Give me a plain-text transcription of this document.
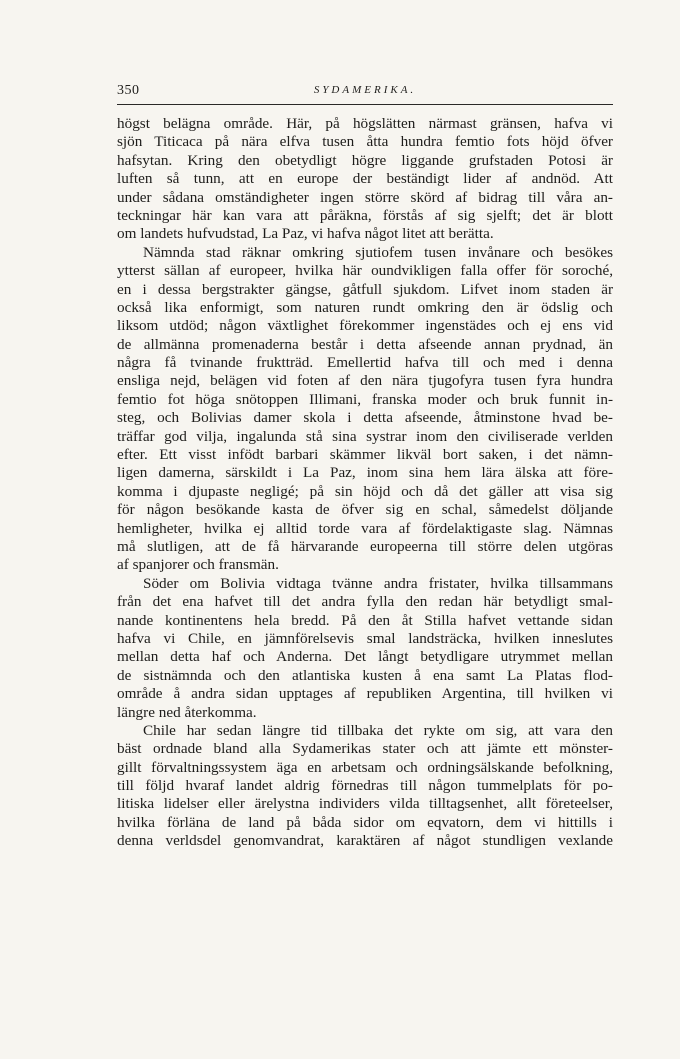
350	SYDAMERIKA.
högst belägna område. Här, på högslätten närmast gränsen, hafva vi
sjön Titicaca på nära elfva tusen åtta hundra femtio fots höjd öfver
hafsytan. Kring den obetydligt högre liggande grufstaden Potosi är
luften så tunn, att en europe der beständigt lider af andnöd. Att
under sådana omständigheter ingen större skörd af bidrag till våra an-
teckningar här kan vara att påräkna, förstås af sig sjelft; det är blott
om landets hufvudstad, La Paz, vi hafva något litet att berätta.
Nämnda stad räknar omkring sjutiofem tusen invånare och besökes
ytterst sällan af europeer, hvilka här oundvikligen falla offer för soroché,
en i dessa bergstrakter gängse, gåtfull sjukdom. Lifvet inom staden är
också lika enformigt, som naturen rundt omkring den är ödslig och
liksom utdöd; någon växtlighet förekommer ingenstädes och ej ens vid
de allmänna promenaderna består i detta afseende annan prydnad, än
några få tvinande fruktträd. Emellertid hafva till och med i denna
ensliga nejd, belägen vid foten af den nära tjugofyra tusen fyra hundra
femtio fot höga snötoppen Illimani, franska moder och bruk funnit in-
steg, och Bolivias damer skola i detta afseende, åtminstone hvad be-
träffar god vilja, ingalunda stå sina systrar inom den civiliserade verlden
efter. Ett visst infödt barbari skämmer likväl bort saken, i det nämn-
ligen damerna, särskildt i La Paz, inom sina hem lära älska att före-
komma i djupaste negligé; på sin höjd och då det gäller att visa sig
för någon besökande kasta de öfver sig en schal, såmedelst döljande
hemligheter, hvilka ej alltid torde vara af fördelaktigaste slag. Nämnas
må slutligen, att de få härvarande europeerna till större delen utgöras
af spanjorer och fransmän.
Söder om Bolivia vidtaga tvänne andra fristater, hvilka tillsammans
från det ena hafvet till det andra fylla den redan här betydligt smal-
nande kontinentens hela bredd. På den åt Stilla hafvet vettande sidan
hafva vi Chile, en jämnförelsevis smal landsträcka, hvilken inneslutes
mellan detta haf och Anderna. Det långt betydligare utrymmet mellan
de sistnämnda och den atlantiska kusten å ena samt La Platas flod-
område å andra sidan upptages af republiken Argentina, till hvilken vi
längre ned återkomma.
Chile har sedan längre tid tillbaka det rykte om sig, att vara den
bäst ordnade bland alla Sydamerikas stater och att jämte ett mönster-
gillt förvaltningssystem äga en arbetsam och ordningsälskande befolkning,
till följd hvaraf landet aldrig förnedras till någon tummelplats för po-
litiska lidelser eller ärelystna individers vilda tilltagsenhet, allt företeelser,
hvilka förläna de land på båda sidor om eqvatorn, dem vi hittills i
denna verldsdel genomvandrat, karaktären af något stundligen vexlande
